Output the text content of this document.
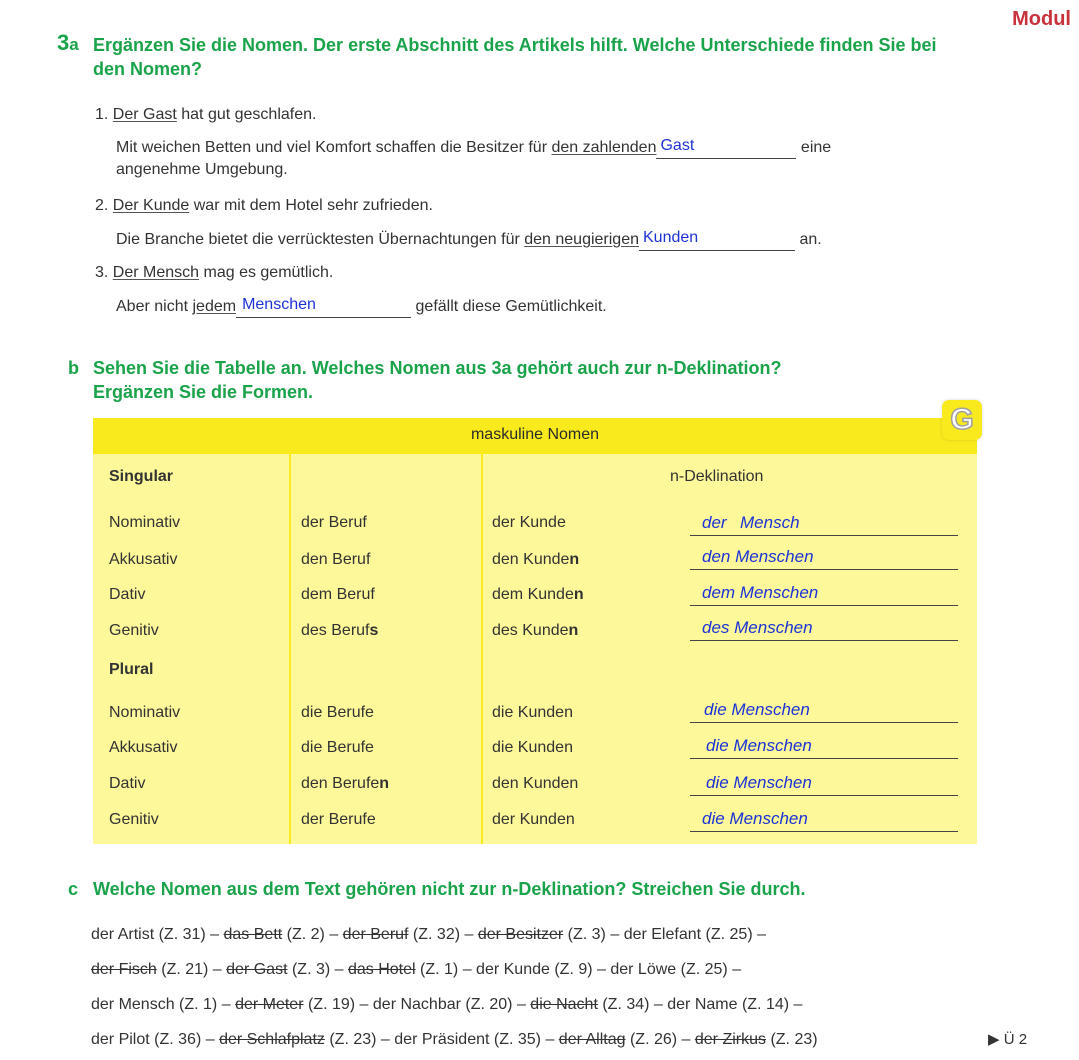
Modul
3a Ergänzen Sie die Nomen. Der erste Abschnitt des Artikels hilft. Welche Unterschiede finden Sie bei
den Nomen?
1. Der Gast hat gut geschlafen.
Mit weichen Betten und viel Komfort schaffen die Besitzer für den zahlenden Gast	eine
angenehme Umgebung.
2. Der Kunde war mit dem Hotel sehr zufrieden.
Die Branche bietet die verrücktesten Übernachtungen für den neugierigen Kunden	an.
3. Der Mensch mag es gemütlich.
Aber nicht jedem Menschen	gefällt diese Gemütlichkeit.
b Sehen Sie die Tabelle an. Welches Nomen aus 3a gehört auch zur n-Deklination?
Ergänzen Sie die Formen.
maskuline Nomen
Singular	n-Deklination
Nominativ	der Beruf	der Kunde	der Mensch
Akkusativ	den Beruf	den Kunden	den Menschen
Dativ	dem Beruf	dem Kunden	dem Menschen
Genitiv	des Berufs	des Kunden	des Menschen
Plural
Nominativ	die Berufe	die Kunden	die Menschen
Akkusativ	die Berufe	die Kunden	die Menschen
Dativ	den Berufen	den Kunden	die Menschen
Genitiv	der Berufe	der Kunden	die Menschen
G
c Welche Nomen aus dem Text gehören nicht zur n-Deklination? Streichen Sie durch.
der Artist (Z. 31) – das Bett (Z. 2) – der Beruf (Z. 32) – der Besitzer (Z. 3) – der Elefant (Z. 25) –
der Fisch (Z. 21) – der Gast (Z. 3) – das Hotel (Z. 1) – der Kunde (Z. 9) – der Löwe (Z. 25) –
der Mensch (Z. 1) – der Meter (Z. 19) – der Nachbar (Z. 20) – die Nacht (Z. 34) – der Name (Z. 14) –
der Pilot (Z. 36) – der Schlafplatz (Z. 23) – der Präsident (Z. 35) – der Alltag (Z. 26) – der Zirkus (Z. 23)	▶ Ü 2
